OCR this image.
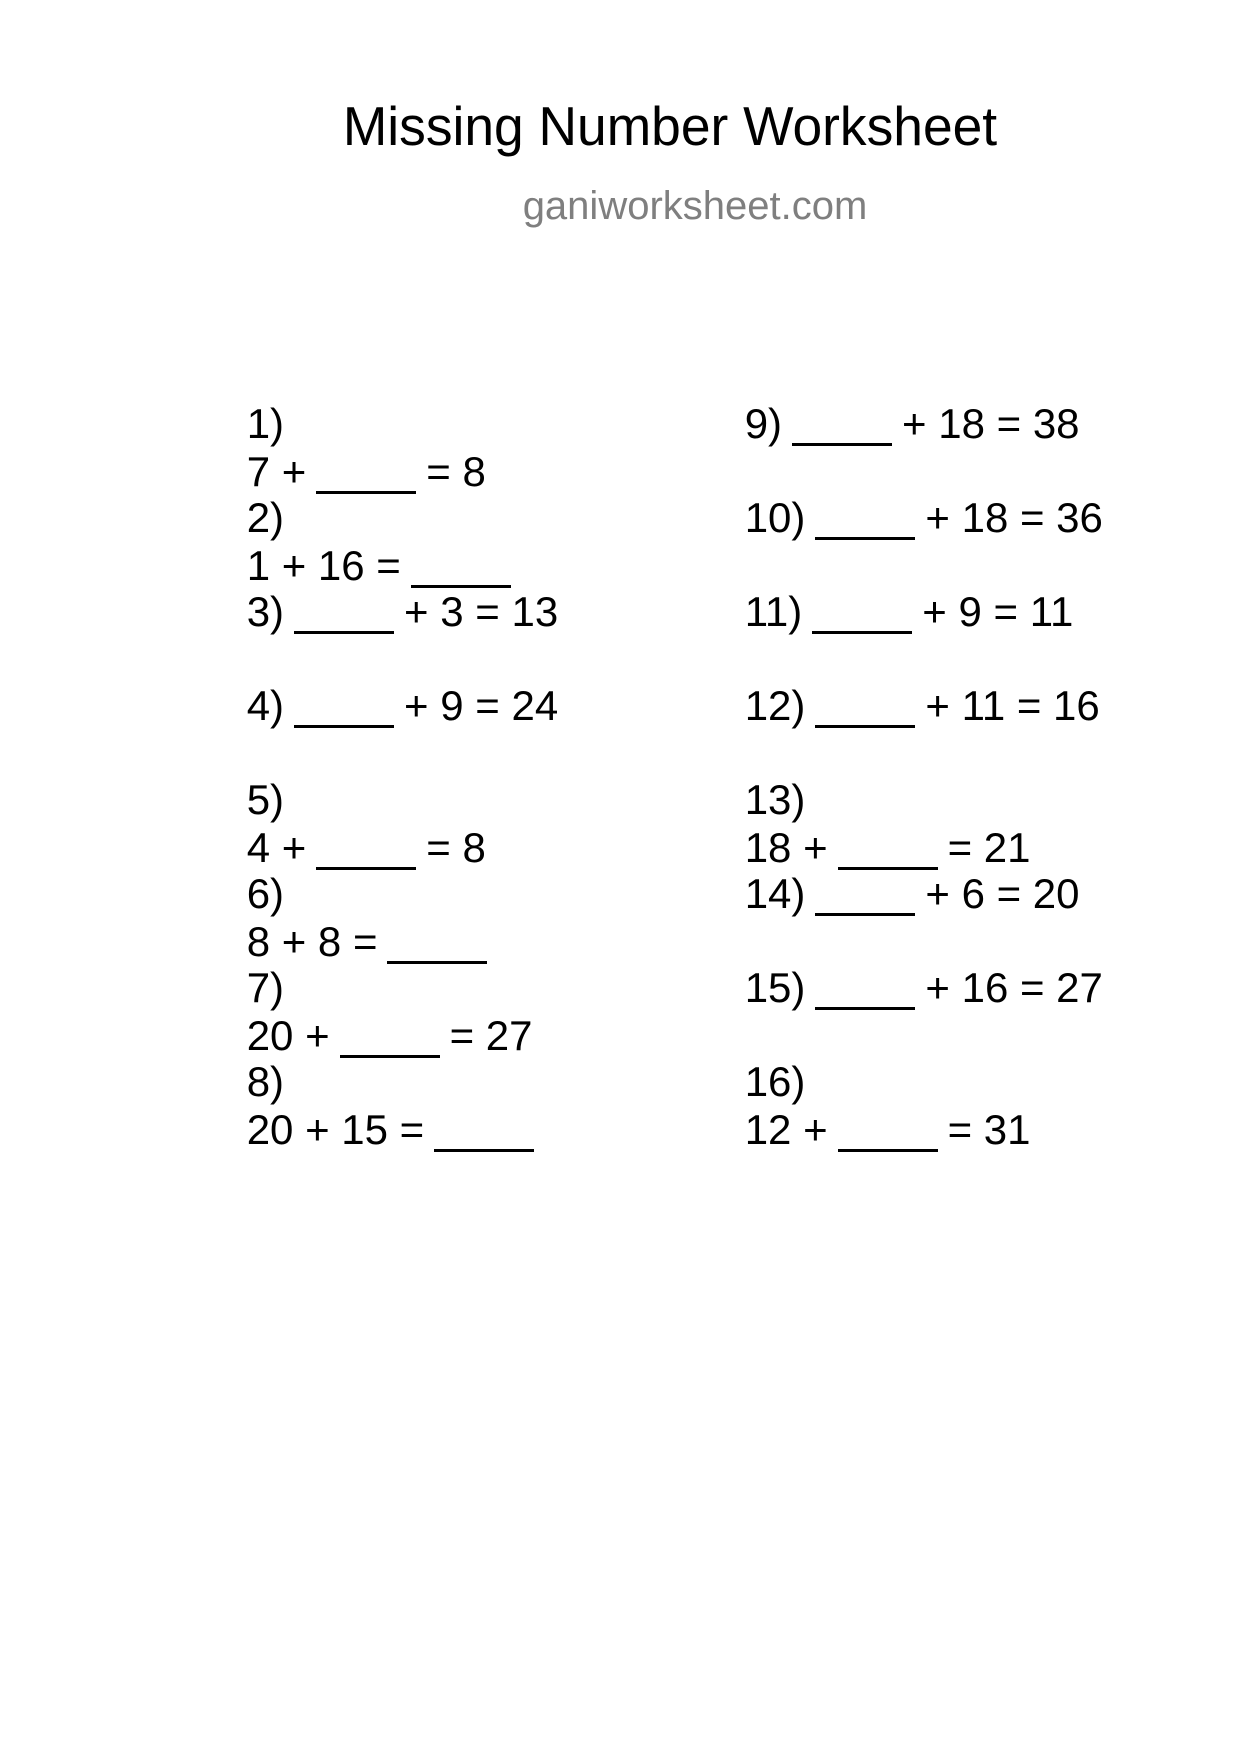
Missing Number Worksheet
ganiworksheet.com

1)
7 +	= 8

2)
1 + 16 =

3)	+ 3 = 13

4)	+ 9 = 24

5)
4 +	= 8

6)
8 + 8 =

7)
20 +	= 27

8)
20 + 15 =

9)	+ 18 = 38

10)	+ 18 = 36

11)	+ 9 = 11

12)	+ 11 = 16

13)
18 +	= 21

14)	+ 6 = 20

15)	+ 16 = 27

16)
12 +	= 31
